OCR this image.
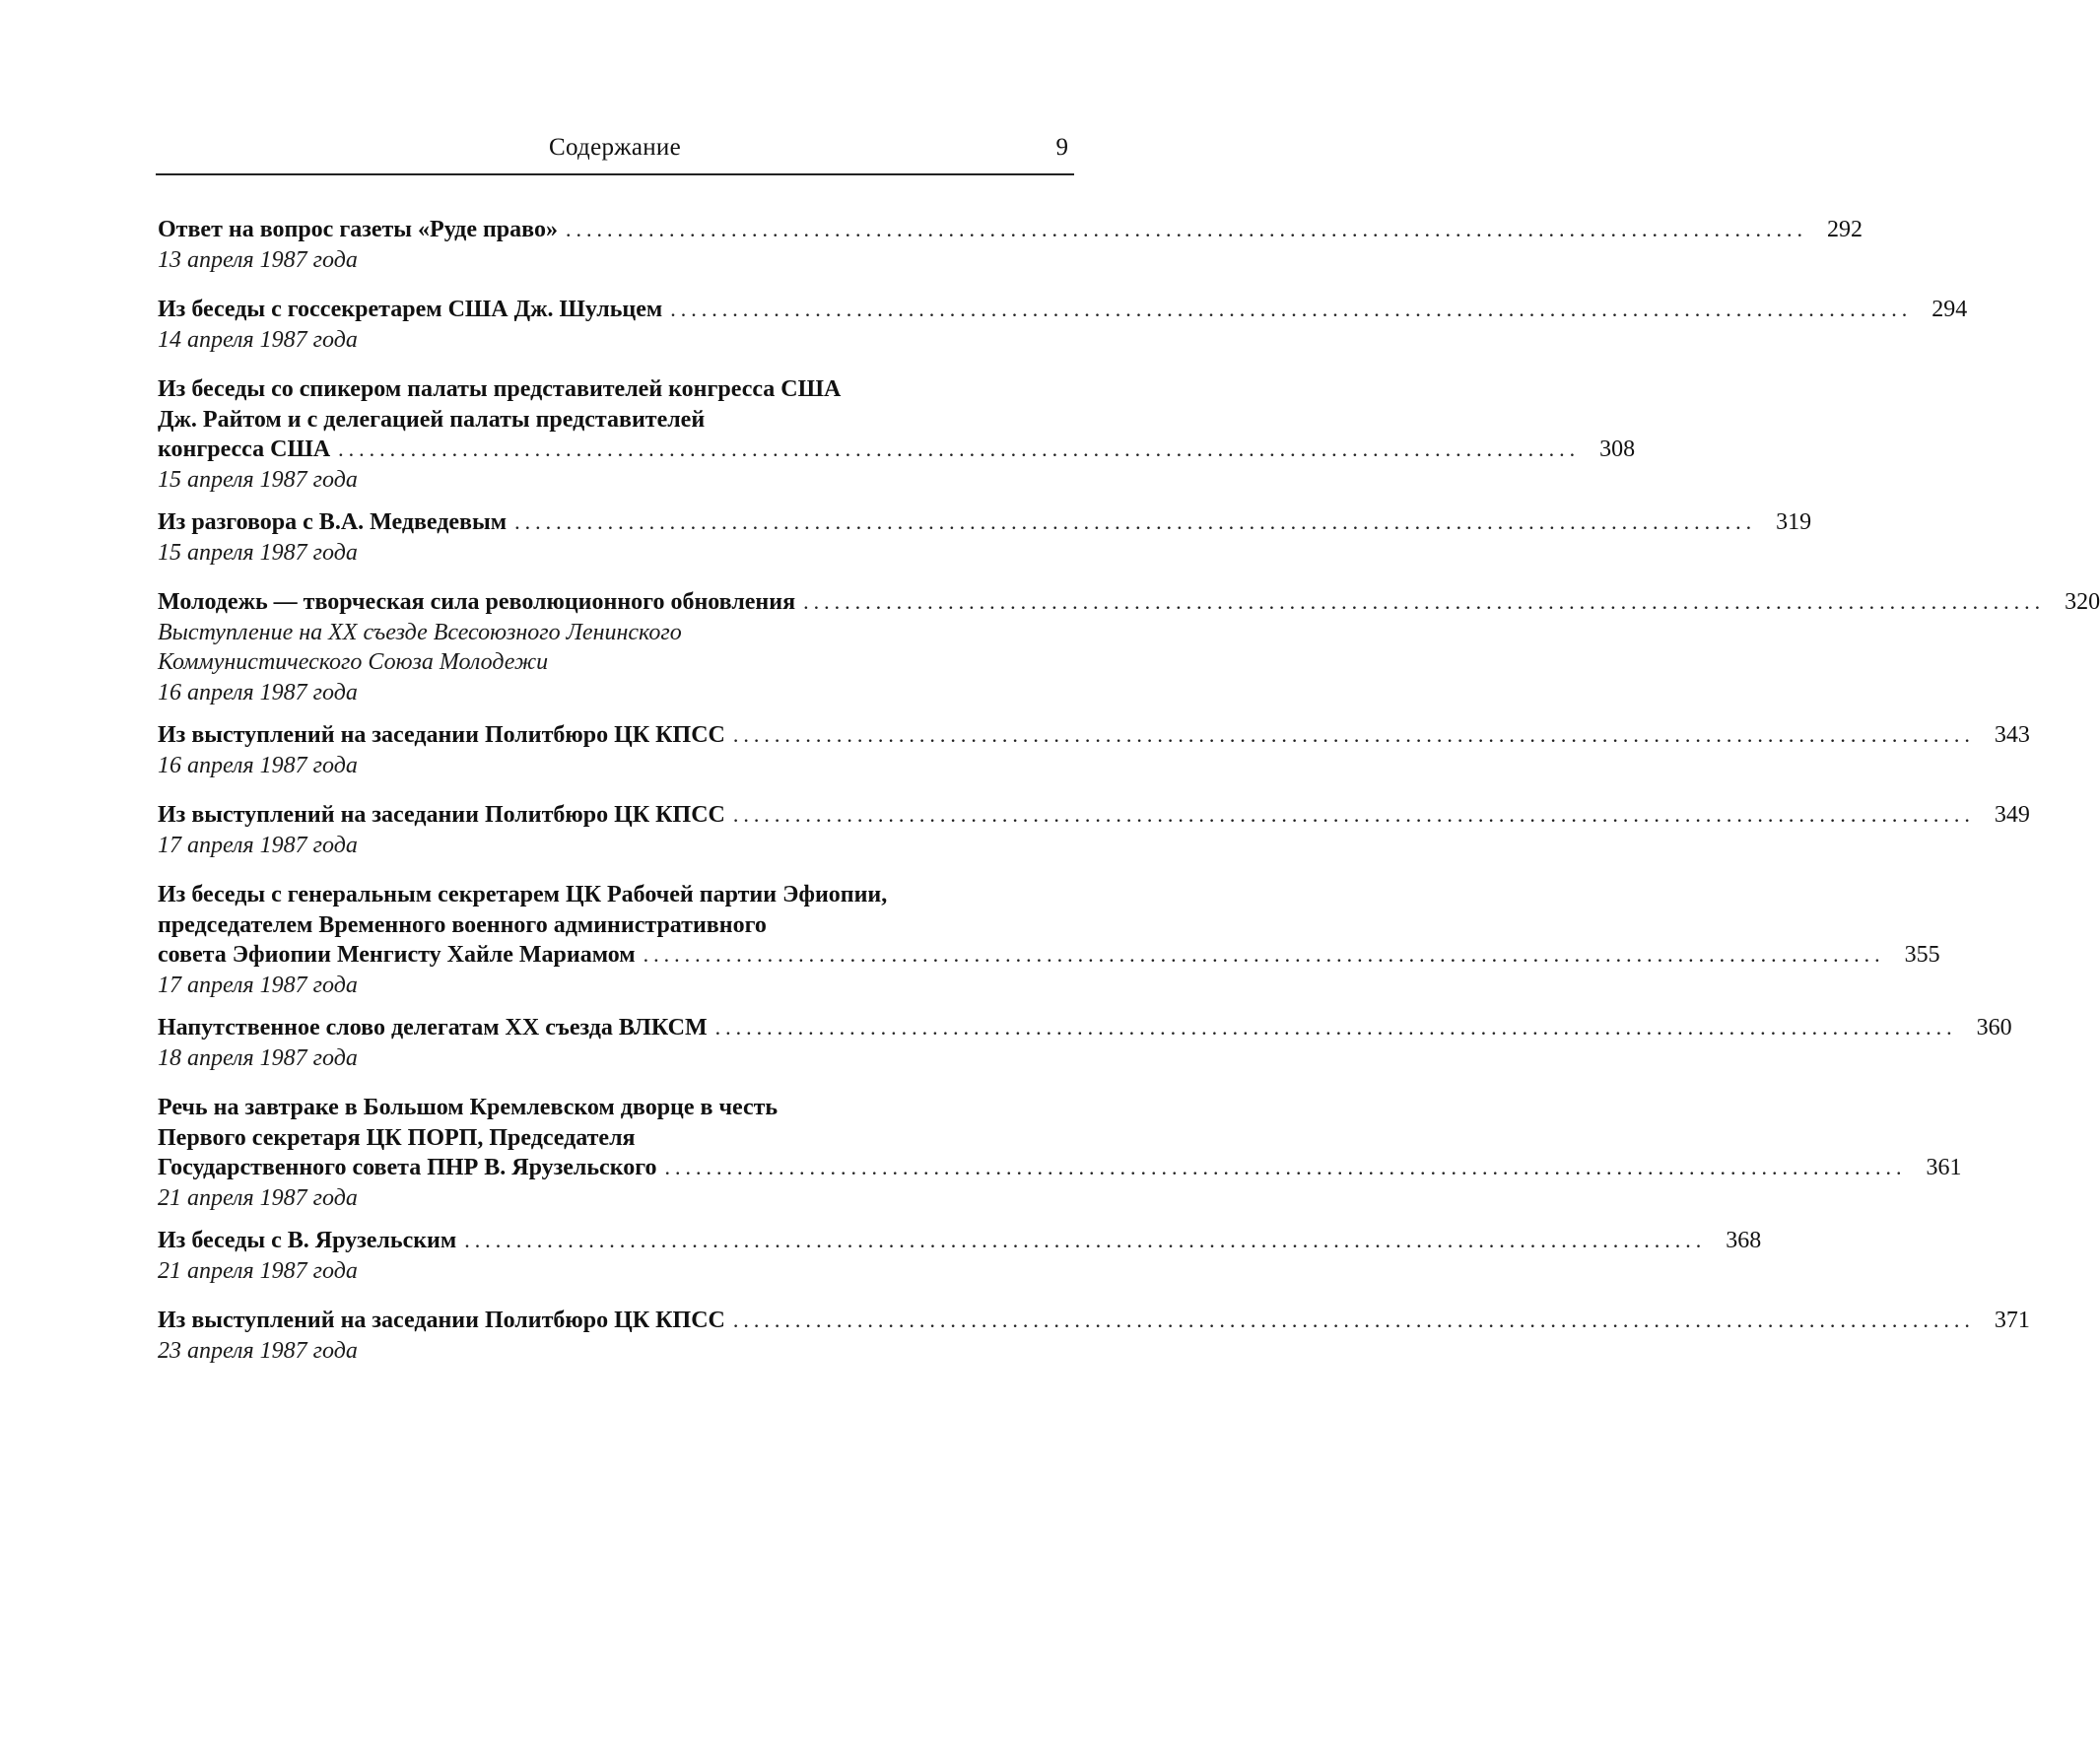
Содержание	9
Ответ на вопрос газеты «Руде право» ........................................................................................................................ 292
13 апреля 1987 года
Из беседы с госсекретарем США Дж. Шульцем ........................................................................................................................ 294
14 апреля 1987 года
Из беседы со спикером палаты представителей конгресса США
Дж. Райтом и с делегацией палаты представителей
конгресса США ........................................................................................................................ 308
15 апреля 1987 года
Из разговора с В.А. Медведевым ........................................................................................................................ 319
15 апреля 1987 года
Молодежь — творческая сила революционного обновления ........................................................................................................................ 320
Выступление на XX съезде Всесоюзного Ленинского
Коммунистического Союза Молодежи
16 апреля 1987 года
Из выступлений на заседании Политбюро ЦК КПСС ........................................................................................................................ 343
16 апреля 1987 года
Из выступлений на заседании Политбюро ЦК КПСС ........................................................................................................................ 349
17 апреля 1987 года
Из беседы с генеральным секретарем ЦК Рабочей партии Эфиопии,
председателем Временного военного административного
совета Эфиопии Менгисту Хайле Мариамом ........................................................................................................................ 355
17 апреля 1987 года
Напутственное слово делегатам XX съезда ВЛКСМ ........................................................................................................................ 360
18 апреля 1987 года
Речь на завтраке в Большом Кремлевском дворце в честь
Первого секретаря ЦК ПОРП, Председателя
Государственного совета ПНР В. Ярузельского ........................................................................................................................ 361
21 апреля 1987 года
Из беседы с В. Ярузельским ........................................................................................................................ 368
21 апреля 1987 года
Из выступлений на заседании Политбюро ЦК КПСС ........................................................................................................................ 371
23 апреля 1987 года
